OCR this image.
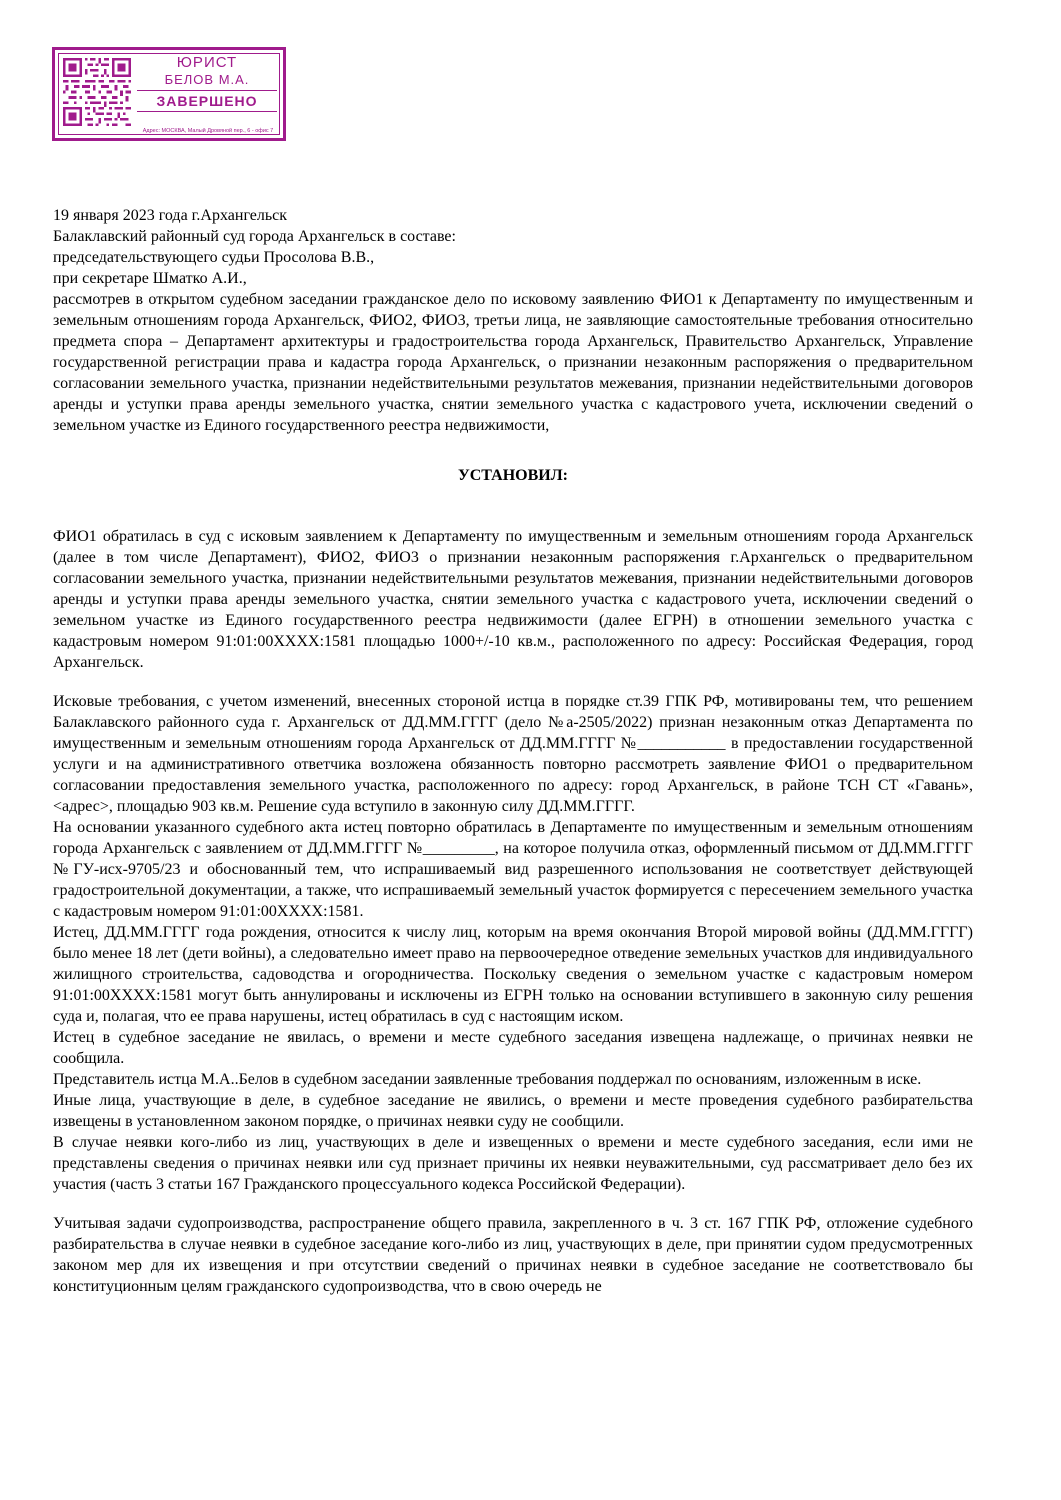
ЮРИСТ
БЕЛОВ М.А.
ЗАВЕРШЕНО
Адрес: МОСКВА, Малый Дровяной пер., 6 - офис 7
19 января 2023 года г.Архангельск
Балаклавский районный суд города Архангельск в составе:
председательствующего судьи Просолова В.В.,
при секретаре Шматко А.И.,
рассмотрев в открытом судебном заседании гражданское дело по исковому заявлению ФИО1 к Департаменту по имущественным и земельным отношениям города Архангельск, ФИО2, ФИО3, третьи лица, не заявляющие самостоятельные требования относительно предмета спора – Департамент архитектуры и градостроительства города Архангельск, Правительство Архангельск, Управление государственной регистрации права и кадастра города Архангельск, о признании незаконным распоряжения о предварительном согласовании земельного участка, признании недействительными результатов межевания, признании недействительными договоров аренды и уступки права аренды земельного участка, снятии земельного участка с кадастрового учета, исключении сведений о земельном участке из Единого государственного реестра недвижимости,
УСТАНОВИЛ:
ФИО1 обратилась в суд с исковым заявлением к Департаменту по имущественным и земельным отношениям города Архангельск (далее в том числе Департамент), ФИО2, ФИО3 о признании незаконным распоряжения г.Архангельск о предварительном согласовании земельного участка, признании недействительными результатов межевания, признании недействительными договоров аренды и уступки права аренды земельного участка, снятии земельного участка с кадастрового учета, исключении сведений о земельном участке из Единого государственного реестра недвижимости (далее ЕГРН) в отношении земельного участка с кадастровым номером 91:01:00ХХХХ:1581 площадью 1000+/-10 кв.м., расположенного по адресу: Российская Федерация, город Архангельск.
Исковые требования, с учетом изменений, внесенных стороной истца в порядке ст.39 ГПК РФ, мотивированы тем, что решением Балаклавского районного суда г. Архангельск от ДД.ММ.ГГГГ (дело №а-2505/2022) признан незаконным отказ Департамента по имущественным и земельным отношениям города Архангельск от ДД.ММ.ГГГГ №___________ в предоставлении государственной услуги и на административного ответчика возложена обязанность повторно рассмотреть заявление ФИО1 о предварительном согласовании предоставления земельного участка, расположенного по адресу: город Архангельск, в районе ТСН СТ «Гавань», <адрес>, площадью 903 кв.м. Решение суда вступило в законную силу ДД.ММ.ГГГГ.
На основании указанного судебного акта истец повторно обратилась в Департаменте по имущественным и земельным отношениям города Архангельск с заявлением от ДД.ММ.ГГГГ №_________, на которое получила отказ, оформленный письмом от ДД.ММ.ГГГГ №ГУ-исх-9705/23 и обоснованный тем, что испрашиваемый вид разрешенного использования не соответствует действующей градостроительной документации, а также, что испрашиваемый земельный участок формируется с пересечением земельного участка с кадастровым номером 91:01:00ХХХХ:1581.
Истец, ДД.ММ.ГГГГ года рождения, относится к числу лиц, которым на время окончания Второй мировой войны (ДД.ММ.ГГГГ) было менее 18 лет (дети войны), а следовательно имеет право на первоочередное отведение земельных участков для индивидуального жилищного строительства, садоводства и огородничества. Поскольку сведения о земельном участке с кадастровым номером 91:01:00ХХХХ:1581 могут быть аннулированы и исключены из ЕГРН только на основании вступившего в законную силу решения суда и, полагая, что ее права нарушены, истец обратилась в суд с настоящим иском.
Истец в судебное заседание не явилась, о времени и месте судебного заседания извещена надлежаще, о причинах неявки не сообщила.
Представитель истца М.А..Белов в судебном заседании заявленные требования поддержал по основаниям, изложенным в иске.
Иные лица, участвующие в деле, в судебное заседание не явились, о времени и месте проведения судебного разбирательства извещены в установленном законом порядке, о причинах неявки суду не сообщили.
В случае неявки кого-либо из лиц, участвующих в деле и извещенных о времени и месте судебного заседания, если ими не представлены сведения о причинах неявки или суд признает причины их неявки неуважительными, суд рассматривает дело без их участия (часть 3 статьи 167 Гражданского процессуального кодекса Российской Федерации).
Учитывая задачи судопроизводства, распространение общего правила, закрепленного в ч. 3 ст. 167 ГПК РФ, отложение судебного разбирательства в случае неявки в судебное заседание кого-либо из лиц, участвующих в деле, при принятии судом предусмотренных законом мер для их извещения и при отсутствии сведений о причинах неявки в судебное заседание не соответствовало бы конституционным целям гражданского судопроизводства, что в свою очередь не
